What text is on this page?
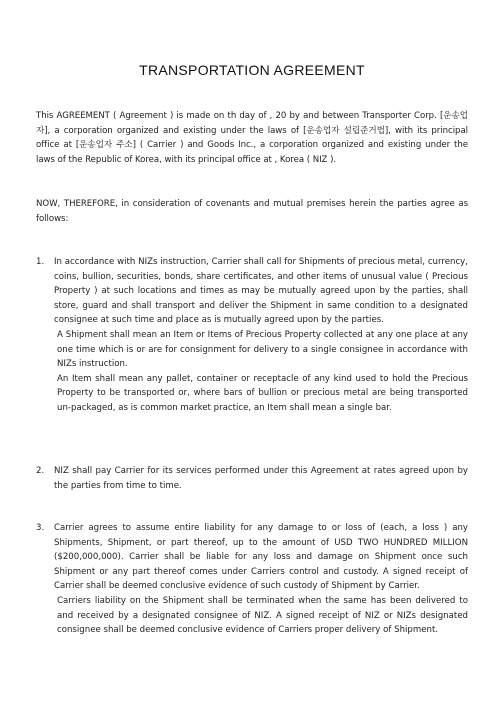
TRANSPORTATION AGREEMENT

This AGREEMENT ( Agreement ) is made on th day of , 20 by and between Transporter Corp. [운송업자], a corporation organized and existing under the laws of [운송업자 설립준거법], with its principal office at [운송업자 주소] ( Carrier ) and Goods Inc., a corporation organized and existing under the laws of the Republic of Korea, with its principal office at , Korea ( NIZ ).

NOW, THEREFORE, in consideration of covenants and mutual premises herein the parties agree as follows:

1. In accordance with NIZs instruction, Carrier shall call for Shipments of precious metal, currency, coins, bullion, securities, bonds, share certificates, and other items of unusual value ( Precious Property ) at such locations and times as may be mutually agreed upon by the parties, shall store, guard and shall transport and deliver the Shipment in same condition to a designated consignee at such time and place as is mutually agreed upon by the parties.

A Shipment shall mean an Item or Items of Precious Property collected at any one place at any one time which is or are for consignment for delivery to a single consignee in accordance with NIZs instruction.

An Item shall mean any pallet, container or receptacle of any kind used to hold the Precious Property to be transported or, where bars of bullion or precious metal are being transported un-packaged, as is common market practice, an Item shall mean a single bar.

2. NIZ shall pay Carrier for its services performed under this Agreement at rates agreed upon by the parties from time to time.

3. Carrier agrees to assume entire liability for any damage to or loss of (each, a loss ) any Shipments, Shipment, or part thereof, up to the amount of USD TWO HUNDRED MILLION ($200,000,000). Carrier shall be liable for any loss and damage on Shipment once such Shipment or any part thereof comes under Carriers control and custody. A signed receipt of Carrier shall be deemed conclusive evidence of such custody of Shipment by Carrier.

Carriers liability on the Shipment shall be terminated when the same has been delivered to and received by a designated consignee of NIZ. A signed receipt of NIZ or NIZs designated consignee shall be deemed conclusive evidence of Carriers proper delivery of Shipment.
